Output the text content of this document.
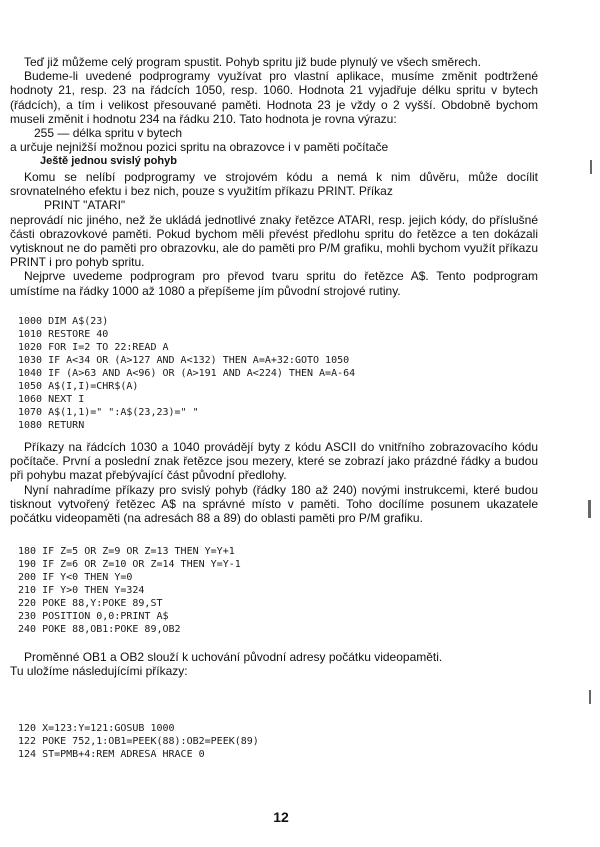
Teď již můžeme celý program spustit. Pohyb spritu již bude plynulý ve všech směrech.

Budeme-li uvedené podprogramy využívat pro vlastní aplikace, musíme změnit podtržené hodnoty 21, resp. 23 na řádcích 1050, resp. 1060. Hodnota 21 vyjadřuje délku spritu v bytech (řádcích), a tím i velikost přesouvané paměti. Hodnota 23 je vždy o 2 vyšší. Obdobně bychom museli změnit i hodnotu 234 na řádku 210. Tato hodnota je rovna výrazu:

255 — délka spritu v bytech

a určuje nejnižší možnou pozici spritu na obrazovce i v paměti počítače

Ještě jednou svislý pohyb

Komu se nelíbí podprogramy ve strojovém kódu a nemá k nim důvěru, může docílit srovnatelného efektu i bez nich, pouze s využitím příkazu PRINT. Příkaz

PRINT "ATARI"

neprovádí nic jiného, než že ukládá jednotlivé znaky řetězce ATARI, resp. jejich kódy, do příslušné části obrazovkové paměti. Pokud bychom měli převést předlohu spritu do řetězce a ten dokázali vytisknout ne do paměti pro obrazovku, ale do paměti pro P/M grafiku, mohli bychom využít příkazu PRINT i pro pohyb spritu.

Nejprve uvedeme podprogram pro převod tvaru spritu do řetězce A$. Tento podprogram umístíme na řádky 1000 až 1080 a přepíšeme jím původní strojové rutiny.

1000 DIM A$(23)
1010 RESTORE 40
1020 FOR I=2 TO 22:READ A
1030 IF A<34 OR (A>127 AND A<132) THEN A=A+32:GOTO 1050
1040 IF (A>63 AND A<96) OR (A>191 AND A<224) THEN A=A-64
1050 A$(I,I)=CHR$(A)
1060 NEXT I
1070 A$(1,1)=" ":A$(23,23)=" "
1080 RETURN

Příkazy na řádcích 1030 a 1040 provádějí byty z kódu ASCII do vnitřního zobrazovacího kódu počítače. První a poslední znak řetězce jsou mezery, které se zobrazí jako prázdné řádky a budou při pohybu mazat přebývající část původní předlohy.

Nyní nahradíme příkazy pro svislý pohyb (řádky 180 až 240) novými instrukcemi, které budou tisknout vytvořený řetězec A$ na správné místo v paměti. Toho docílíme posunem ukazatele počátku videopaměti (na adresách 88 a 89) do oblasti paměti pro P/M grafiku.

180 IF Z=5 OR Z=9 OR Z=13 THEN Y=Y+1
190 IF Z=6 OR Z=10 OR Z=14 THEN Y=Y-1
200 IF Y<0 THEN Y=0
210 IF Y>0 THEN Y=324
220 POKE 88,Y:POKE 89,ST
230 POSITION 0,0:PRINT A$
240 POKE 88,OB1:POKE 89,OB2

Proměnné OB1 a OB2 slouží k uchování původní adresy počátku videopaměti.

Tu uložíme následujícími příkazy:

120 X=123:Y=121:GOSUB 1000
122 POKE 752,1:OB1=PEEK(88):OB2=PEEK(89)
124 ST=PMB+4:REM ADRESA HRACE 0
12
